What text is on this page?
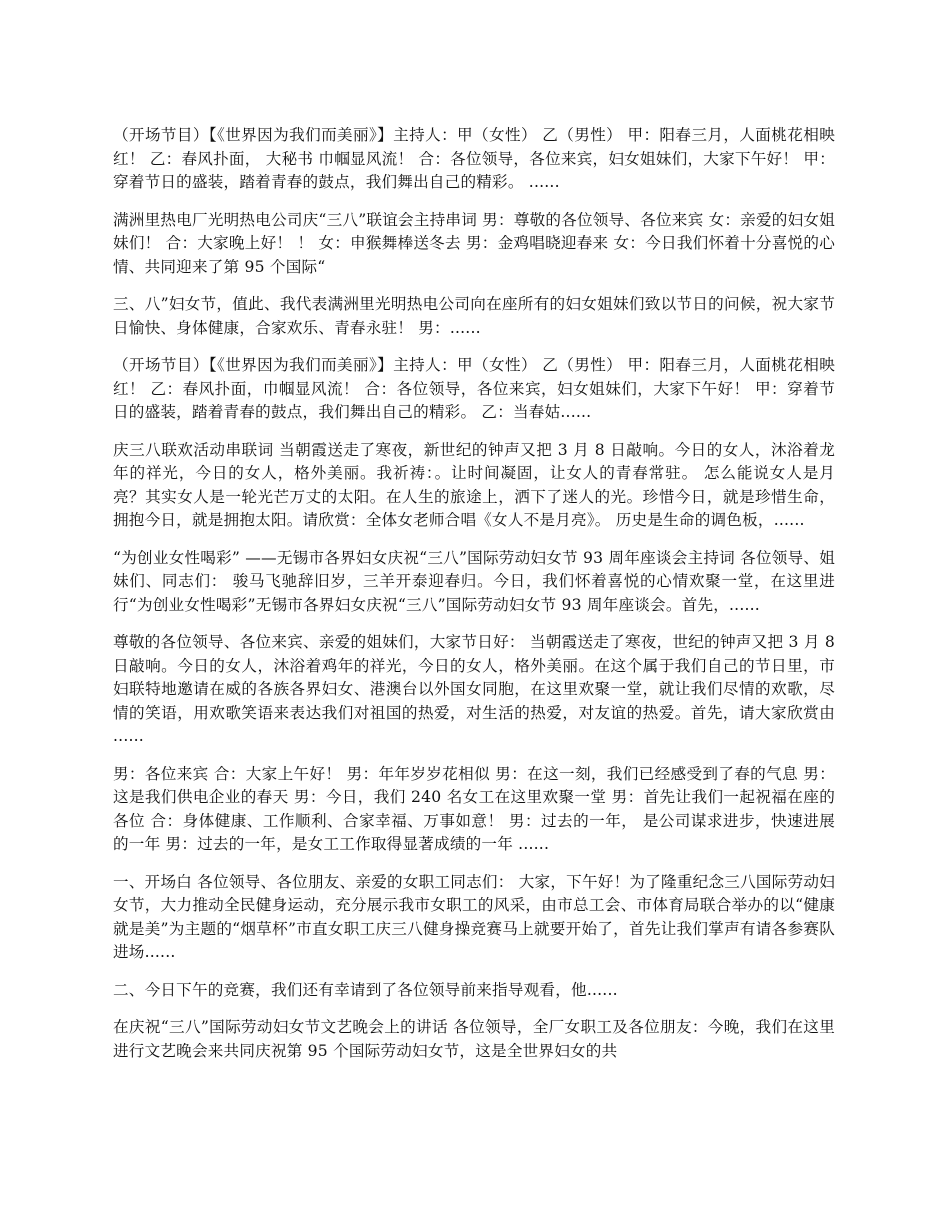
（开场节目）【《世界因为我们而美丽》】主持人：甲（女性） 乙（男性） 甲：阳春三月，人面桃花相映红！ 乙：春风扑面， 大秘书 巾帼显风流！ 合：各位领导，各位来宾，妇女姐妹们，大家下午好！ 甲：穿着节日的盛装，踏着青春的鼓点，我们舞出自己的精彩。 ......

满洲里热电厂光明热电公司庆“三八”联谊会主持串词 男：尊敬的各位领导、各位来宾 女：亲爱的妇女姐妹们！ 合：大家晚上好！ ！ 女：申猴舞棒送冬去 男：金鸡唱晓迎春来 女：今日我们怀着十分喜悦的心情、共同迎来了第 95 个国际“

三、八”妇女节，值此、我代表满洲里光明热电公司向在座所有的妇女姐妹们致以节日的问候，祝大家节日愉快、身体健康，合家欢乐、青春永驻！ 男：......

（开场节目）【《世界因为我们而美丽》】主持人：甲（女性） 乙（男性） 甲：阳春三月，人面桃花相映红！ 乙：春风扑面，巾帼显风流！ 合：各位领导，各位来宾，妇女姐妹们，大家下午好！ 甲：穿着节日的盛装，踏着青春的鼓点，我们舞出自己的精彩。 乙：当春姑......

庆三八联欢活动串联词 当朝霞送走了寒夜，新世纪的钟声又把 3 月 8 日敲响。今日的女人，沐浴着龙年的祥光，今日的女人，格外美丽。我祈祷：。让时间凝固，让女人的青春常驻。 怎么能说女人是月亮？其实女人是一轮光芒万丈的太阳。在人生的旅途上，洒下了迷人的光。珍惜今日，就是珍惜生命，拥抱今日，就是拥抱太阳。请欣赏：全体女老师合唱《女人不是月亮》。 历史是生命的调色板，......

“为创业女性喝彩” ——无锡市各界妇女庆祝“三八”国际劳动妇女节 93 周年座谈会主持词 各位领导、姐妹们、同志们： 骏马飞驰辞旧岁，三羊开泰迎春归。今日，我们怀着喜悦的心情欢聚一堂，在这里进行“为创业女性喝彩”无锡市各界妇女庆祝“三八”国际劳动妇女节 93 周年座谈会。首先，......

尊敬的各位领导、各位来宾、亲爱的姐妹们，大家节日好： 当朝霞送走了寒夜，世纪的钟声又把 3 月 8 日敲响。今日的女人，沐浴着鸡年的祥光，今日的女人，格外美丽。在这个属于我们自己的节日里，市妇联特地邀请在威的各族各界妇女、港澳台以外国女同胞，在这里欢聚一堂，就让我们尽情的欢歌，尽情的笑语，用欢歌笑语来表达我们对祖国的热爱，对生活的热爱，对友谊的热爱。首先，请大家欣赏由 ......

男：各位来宾 合：大家上午好！ 男：年年岁岁花相似 男：在这一刻，我们已经感受到了春的气息 男：这是我们供电企业的春天 男：今日，我们 240 名女工在这里欢聚一堂 男：首先让我们一起祝福在座的各位 合：身体健康、工作顺利、合家幸福、万事如意！ 男：过去的一年， 是公司谋求进步，快速进展的一年 男：过去的一年，是女工工作取得显著成绩的一年 ......

一、开场白 各位领导、各位朋友、亲爱的女职工同志们： 大家，下午好！为了隆重纪念三八国际劳动妇女节，大力推动全民健身运动，充分展示我市女职工的风采，由市总工会、市体育局联合举办的以“健康就是美”为主题的“烟草杯”市直女职工庆三八健身操竞赛马上就要开始了，首先让我们掌声有请各参赛队进场......

二、今日下午的竞赛，我们还有幸请到了各位领导前来指导观看，他......

在庆祝“三八”国际劳动妇女节文艺晚会上的讲话 各位领导，全厂女职工及各位朋友：今晚，我们在这里进行文艺晚会来共同庆祝第 95 个国际劳动妇女节，这是全世界妇女的共
